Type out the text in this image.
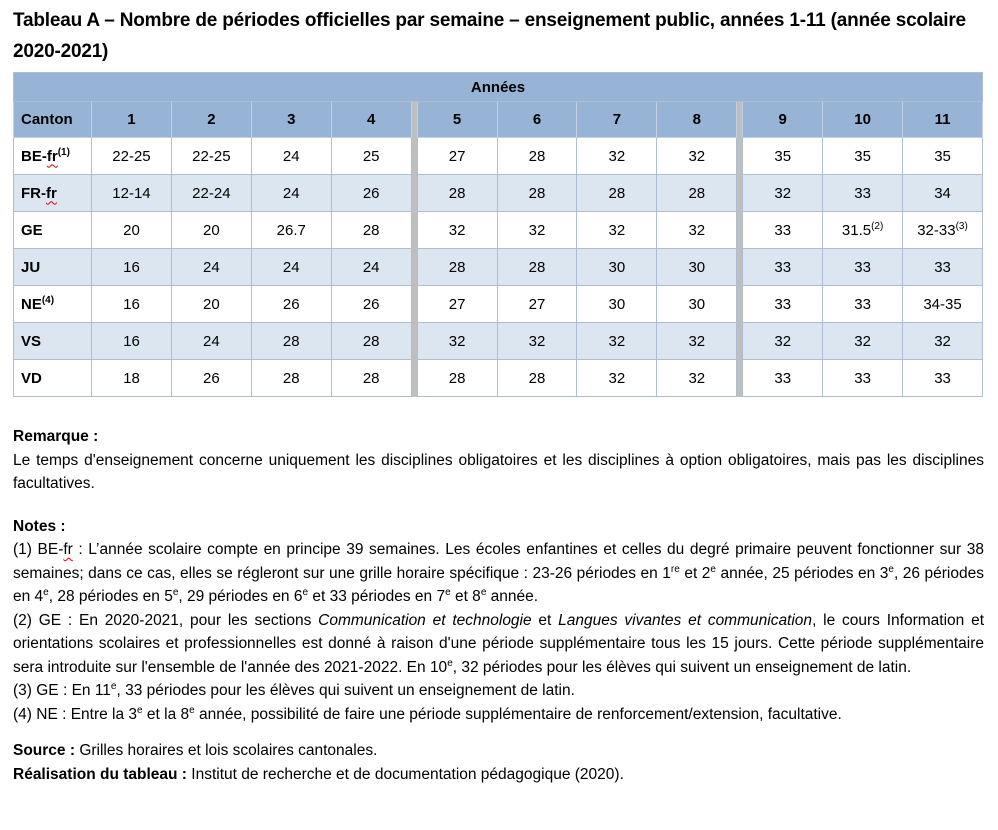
Tableau A – Nombre de périodes officielles par semaine – enseignement public, années 1-11 (année scolaire 2020-2021)
Années													
Canton	1	2	3	4		5	6	7	8		9	10	11
$BE-fr^{(1)}$	22-25	22-25	24	25		27	28	32	32		35	35	35
FR-fr	12-14	22-24	24	26		28	28	28	28		32	33	34
GE	20	20	26.7	28		32	32	32	32		33	31.5$^{(2)}$	32-33$^{(3)}$
JU	16	24	24	24		28	28	30	30		33	33	33
NE$^{(4)}$	16	20	26	26		27	27	30	30		33	33	34-35
VS	16	24	28	28		32	32	32	32		32	32	32
VD	18	26	28	28		28	28	32	32		33	33	33

Remarque :

Le temps d'enseignement concerne uniquement les disciplines obligatoires et les disciplines à option obligatoires, mais pas les disciplines facultatives.

Notes :

(1) BE-fr : L’année scolaire compte en principe 39 semaines. Les écoles enfantines et celles du degré primaire peuvent fonctionner sur 38 semaines; dans ce cas, elles se régleront sur une grille horaire spécifique : 23-26 périodes en 1re et 2e année, 25 périodes en 3e, 26 périodes en 4e, 28 périodes en 5e, 29 périodes en 6e et 33 périodes en 7e et 8e année.

(2) GE : En 2020-2021, pour les sections Communication et technologie et Langues vivantes et communication, le cours Information et orientations scolaires et professionnelles est donné à raison d'une période supplémentaire tous les 15 jours. Cette période supplémentaire sera introduite sur l'ensemble de l'année des 2021-2022. En 10e, 32 périodes pour les élèves qui suivent un enseignement de latin.

(3) GE : En 11e, 33 périodes pour les élèves qui suivent un enseignement de latin.

(4) NE : Entre la 3e et la 8e année, possibilité de faire une période supplémentaire de renforcement/extension, facultative.

Source : Grilles horaires et lois scolaires cantonales.

Réalisation du tableau : Institut de recherche et de documentation pédagogique (2020).
